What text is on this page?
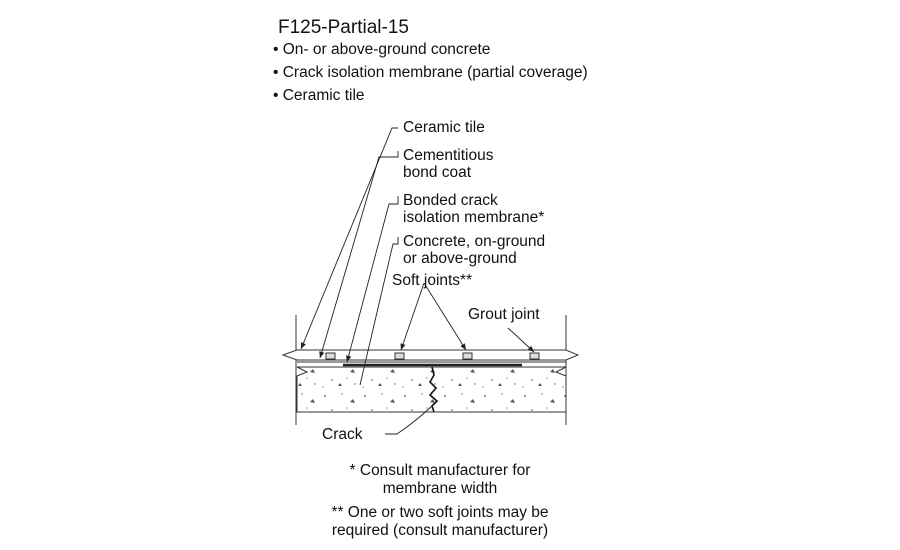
F125-Partial-15
• On- or above-ground concrete
• Crack isolation membrane (partial coverage)
• Ceramic tile
Ceramic tile
Cementitious
bond coat
Bonded crack
isolation membrane*
Concrete, on-ground
or above-ground
Soft joints**
Grout joint
Crack
* Consult manufacturer for
membrane width
** One or two soft joints may be
required (consult manufacturer)
